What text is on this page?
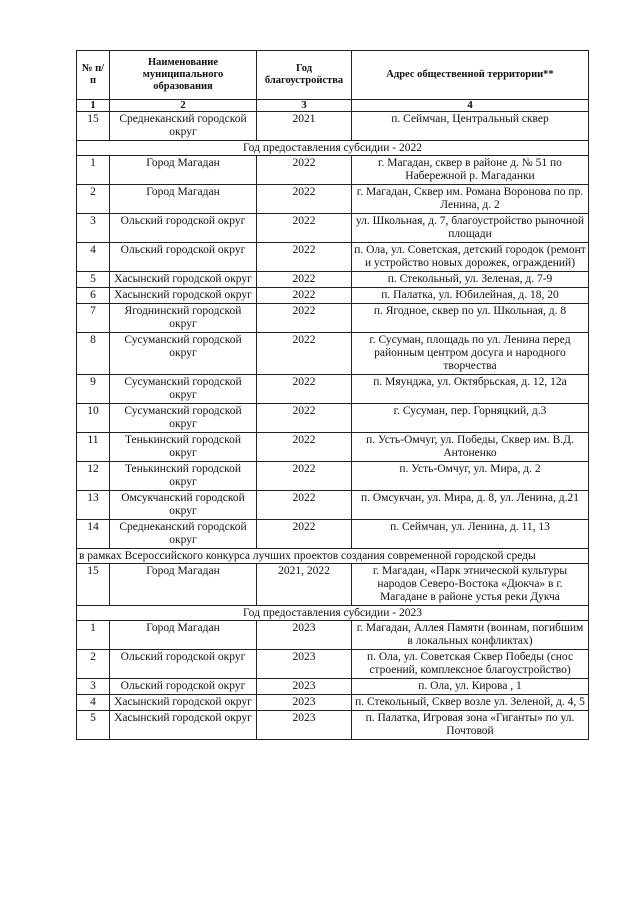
№ п/п	Наименование муниципального образования	Год благоустройства	Адрес общественной территории**
1	2	3	4
15	Среднеканский городской округ	2021	п. Сеймчан, Центральный сквер
Год предоставления субсидии - 2022			
1	Город Магадан	2022	г. Магадан, сквер в районе д. № 51 по Набережной р. Магаданки
2	Город Магадан	2022	г. Магадан, Сквер им. Романа Воронова по пр. Ленина, д. 2
3	Ольский городской округ	2022	ул. Школьная, д. 7, благоустройство рыночной площади
4	Ольский городской округ	2022	п. Ола, ул. Советская, детский городок (ремонт и устройство новых дорожек, ограждений)
5	Хасынский городской округ	2022	п. Стекольный, ул. Зеленая, д. 7-9
6	Хасынский городской округ	2022	п. Палатка, ул. Юбилейная, д. 18, 20
7	Ягоднинский городской округ	2022	п. Ягодное, сквер по ул. Школьная, д. 8
8	Сусуманский городской округ	2022	г. Сусуман, площадь по ул. Ленина перед районным центром досуга и народного творчества
9	Сусуманский городской округ	2022	п. Мяунджа, ул. Октябрьская, д. 12, 12а
10	Сусуманский городской округ	2022	г. Сусуман, пер. Горняцкий, д.3
11	Тенькинский городской округ	2022	п. Усть-Омчуг, ул. Победы, Сквер им. В.Д. Антоненко
12	Тенькинский городской округ	2022	п. Усть-Омчуг, ул. Мира, д. 2
13	Омсукчанский городской округ	2022	п. Омсукчан, ул. Мира, д. 8, ул. Ленина, д.21
14	Среднеканский городской округ	2022	п. Сеймчан, ул. Ленина, д. 11, 13
в рамках Всероссийского конкурса лучших проектов создания современной городской среды			
15	Город Магадан	2021, 2022	г. Магадан, «Парк этнической культуры народов Северо-Востока «Дюкча» в г. Магадане в районе устья реки Дукча
Год предоставления субсидии - 2023			
1	Город Магадан	2023	г. Магадан, Аллея Памяти (воинам, погибшим в локальных конфликтах)
2	Ольский городской округ	2023	п. Ола, ул. Советская Сквер Победы (снос строений, комплексное благоустройство)
3	Ольский городской округ	2023	п. Ола, ул. Кирова , 1
4	Хасынский городской округ	2023	п. Стекольный, Сквер возле ул. Зеленой, д. 4, 5
5	Хасынский городской округ	2023	п. Палатка, Игровая зона «Гиганты» по ул. Почтовой
